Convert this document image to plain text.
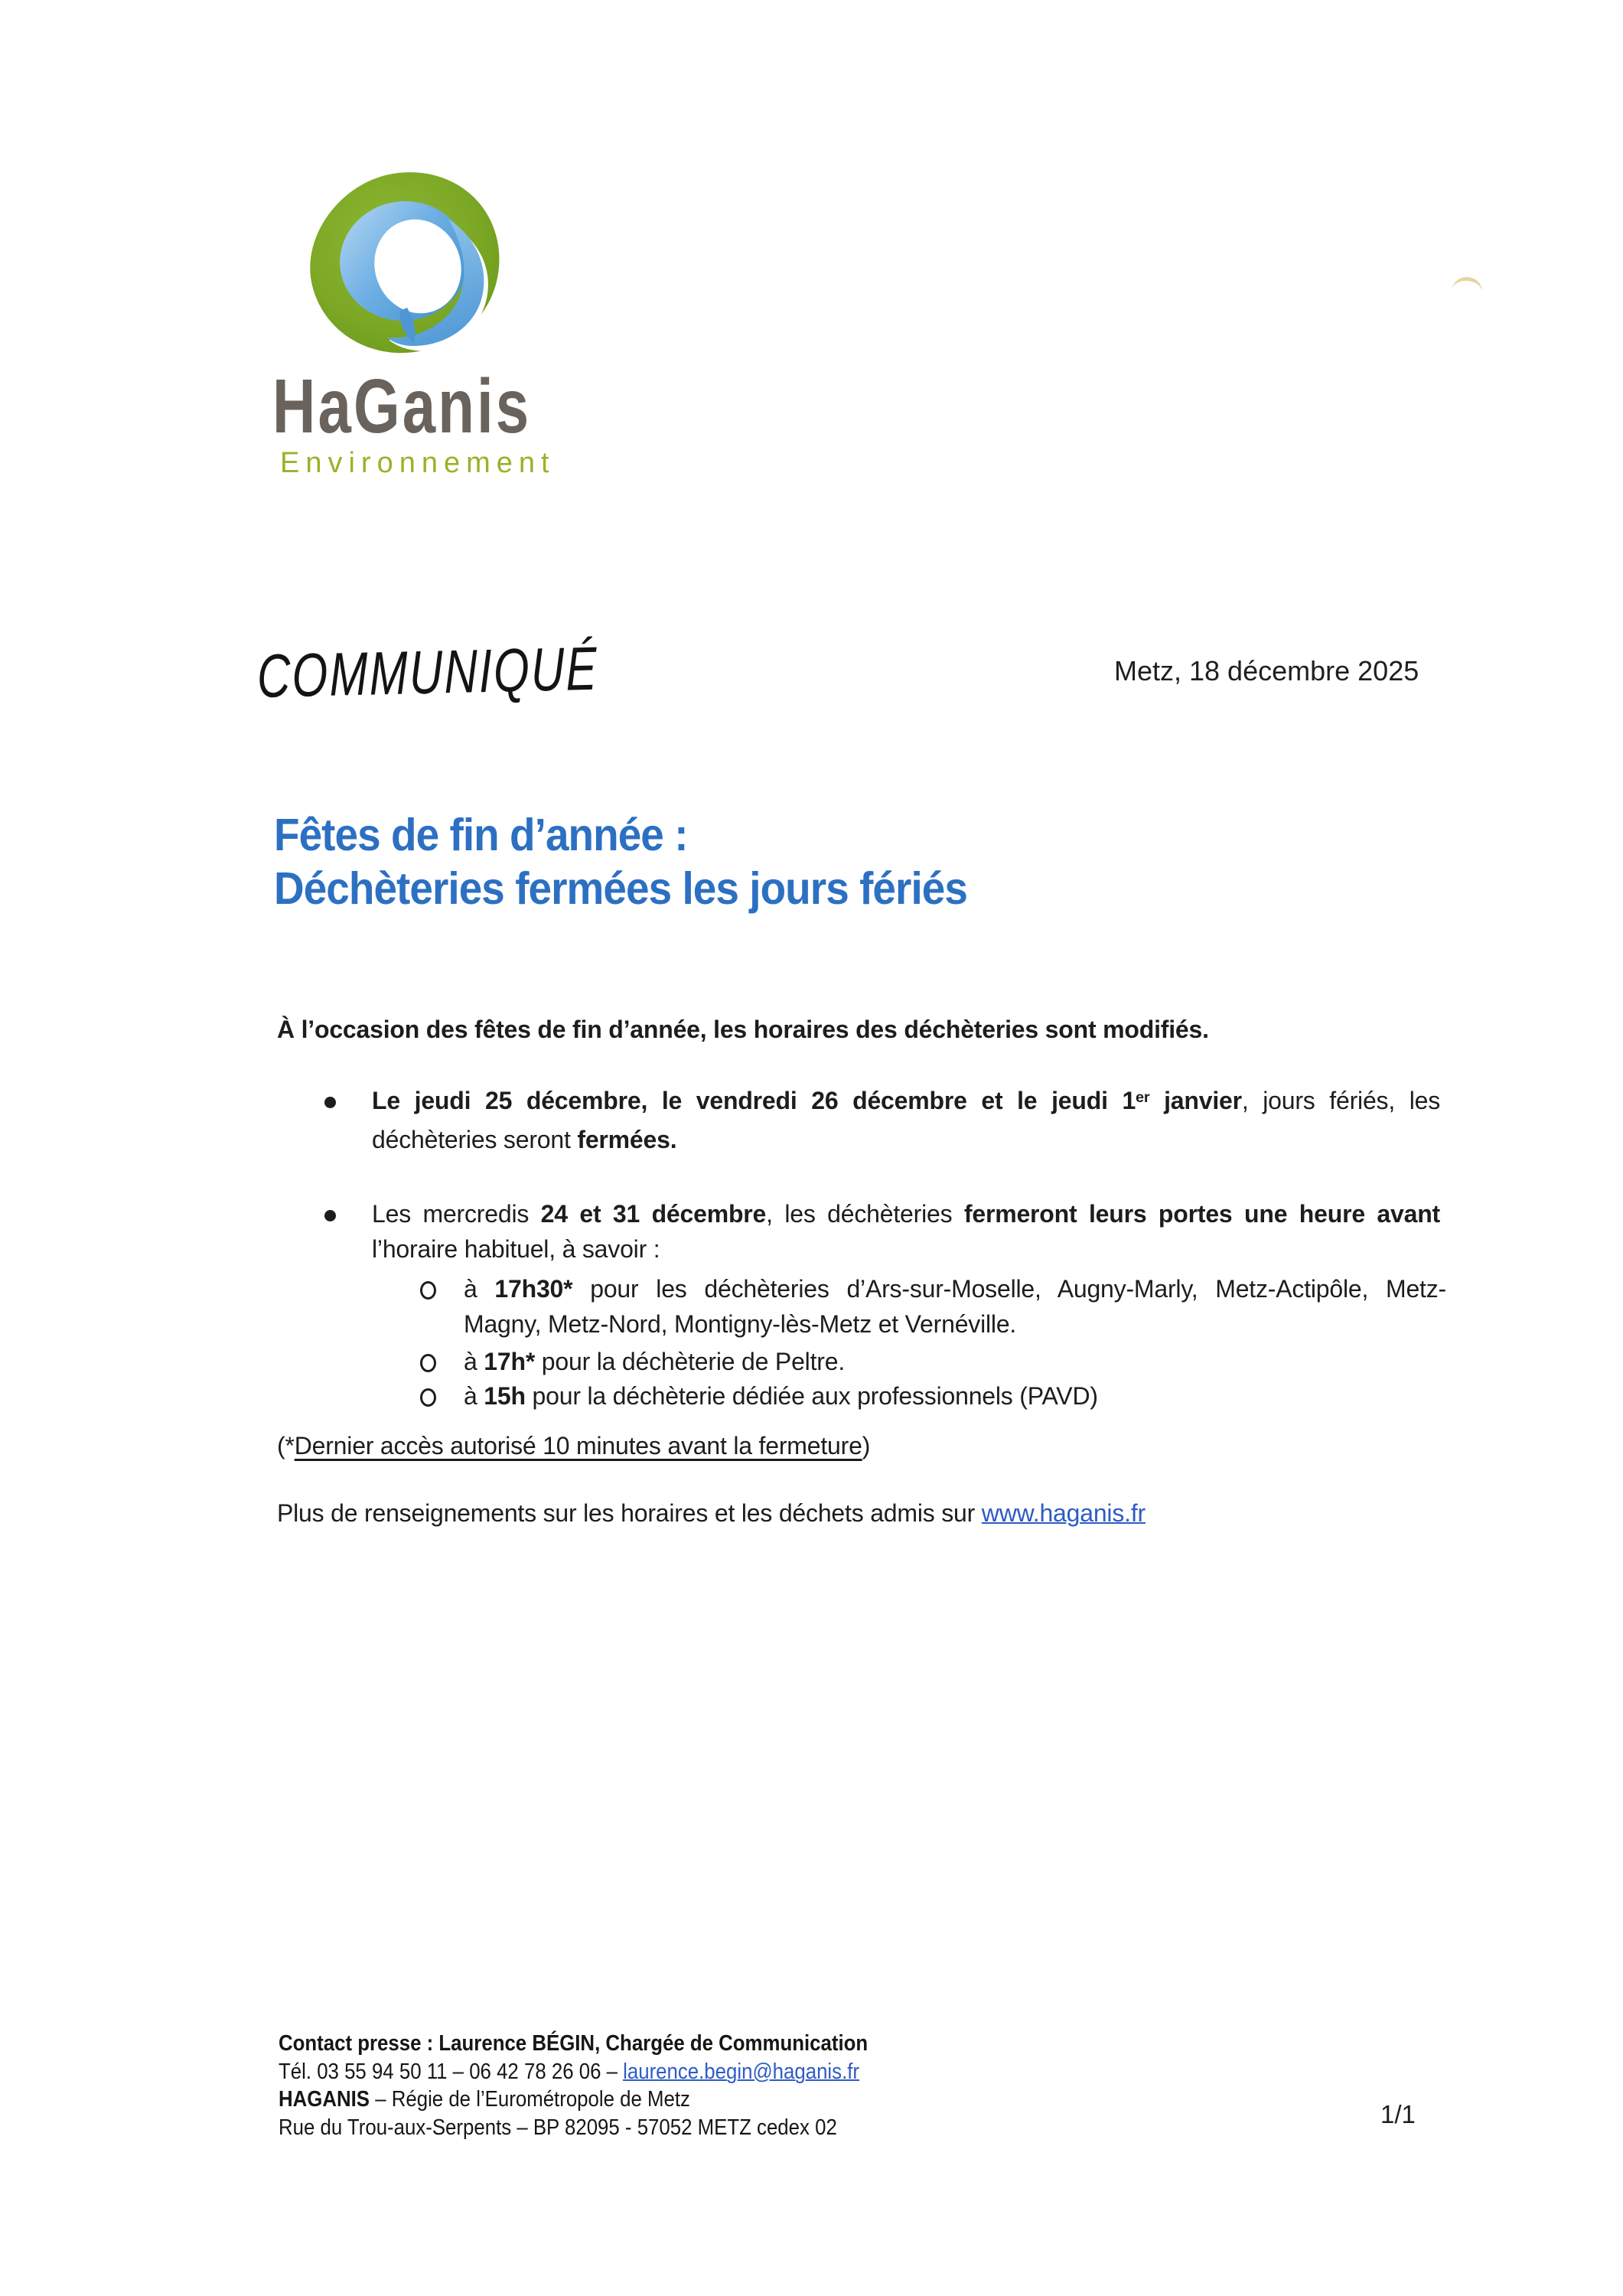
HaGanis
Environnement
COMMUNIQUÉ	Metz, 18 décembre 2025
Fêtes de fin d’année :
Déchèteries fermées les jours fériés
À l’occasion des fêtes de fin d’année, les horaires des déchèteries sont modifiés.
Le jeudi 25 décembre, le vendredi 26 décembre et le jeudi 1er janvier, jours fériés, les
déchèteries seront fermées.
Les mercredis 24 et 31 décembre, les déchèteries fermeront leurs portes une heure avant
l’horaire habituel, à savoir :
à 17h30* pour les déchèteries d’Ars-sur-Moselle, Augny-Marly, Metz-Actipôle, Metz-
Magny, Metz-Nord, Montigny-lès-Metz et Vernéville.
à 17h* pour la déchèterie de Peltre.
à 15h pour la déchèterie dédiée aux professionnels (PAVD)
(*Dernier accès autorisé 10 minutes avant la fermeture)
Plus de renseignements sur les horaires et les déchets admis sur www.haganis.fr
Contact presse : Laurence BÉGIN, Chargée de Communication
Tél. 03 55 94 50 11 – 06 42 78 26 06 – laurence.begin@haganis.fr
HAGANIS – Régie de l’Eurométropole de Metz
Rue du Trou-aux-Serpents – BP 82095 - 57052 METZ cedex 02	1/1
